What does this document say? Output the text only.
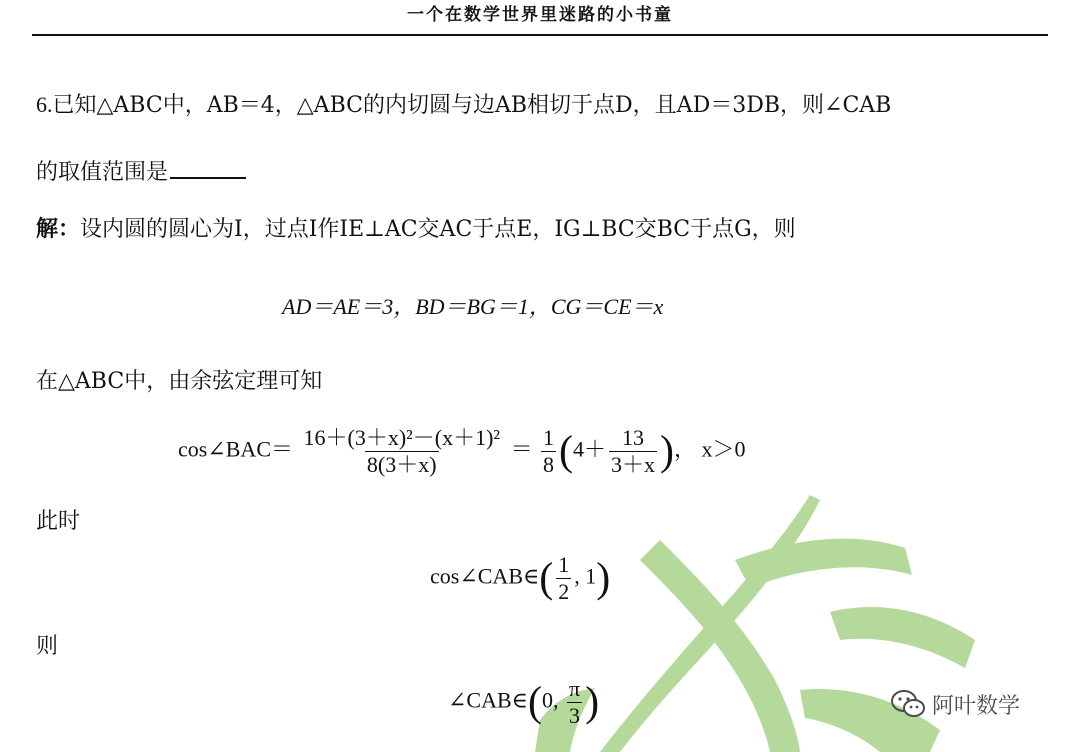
一个在数学世界里迷路的小书童
6.已知△ABC中，AB＝4，△ABC的内切圆与边AB相切于点D，且AD＝3DB，则∠CAB
的取值范围是
解：设内圆的圆心为I，过点I作IE⊥AC交AC于点E，IG⊥BC交BC于点G，则
AD＝AE＝3，BD＝BG＝1，CG＝CE＝x
在△ABC中，由余弦定理可知
cos∠BAC＝ $\frac{\text{16＋(3＋x)²－(x＋1)²}}{8(3+x)} = \frac{1}{8} (4+ \frac{13}{3+x}$ )， x＞0
此时
cos∠CAB∈( $\frac{1}{2}$ , 1)
则
∠CAB∈(0, $\frac{\pi}{3}$ )	阿叶数学
